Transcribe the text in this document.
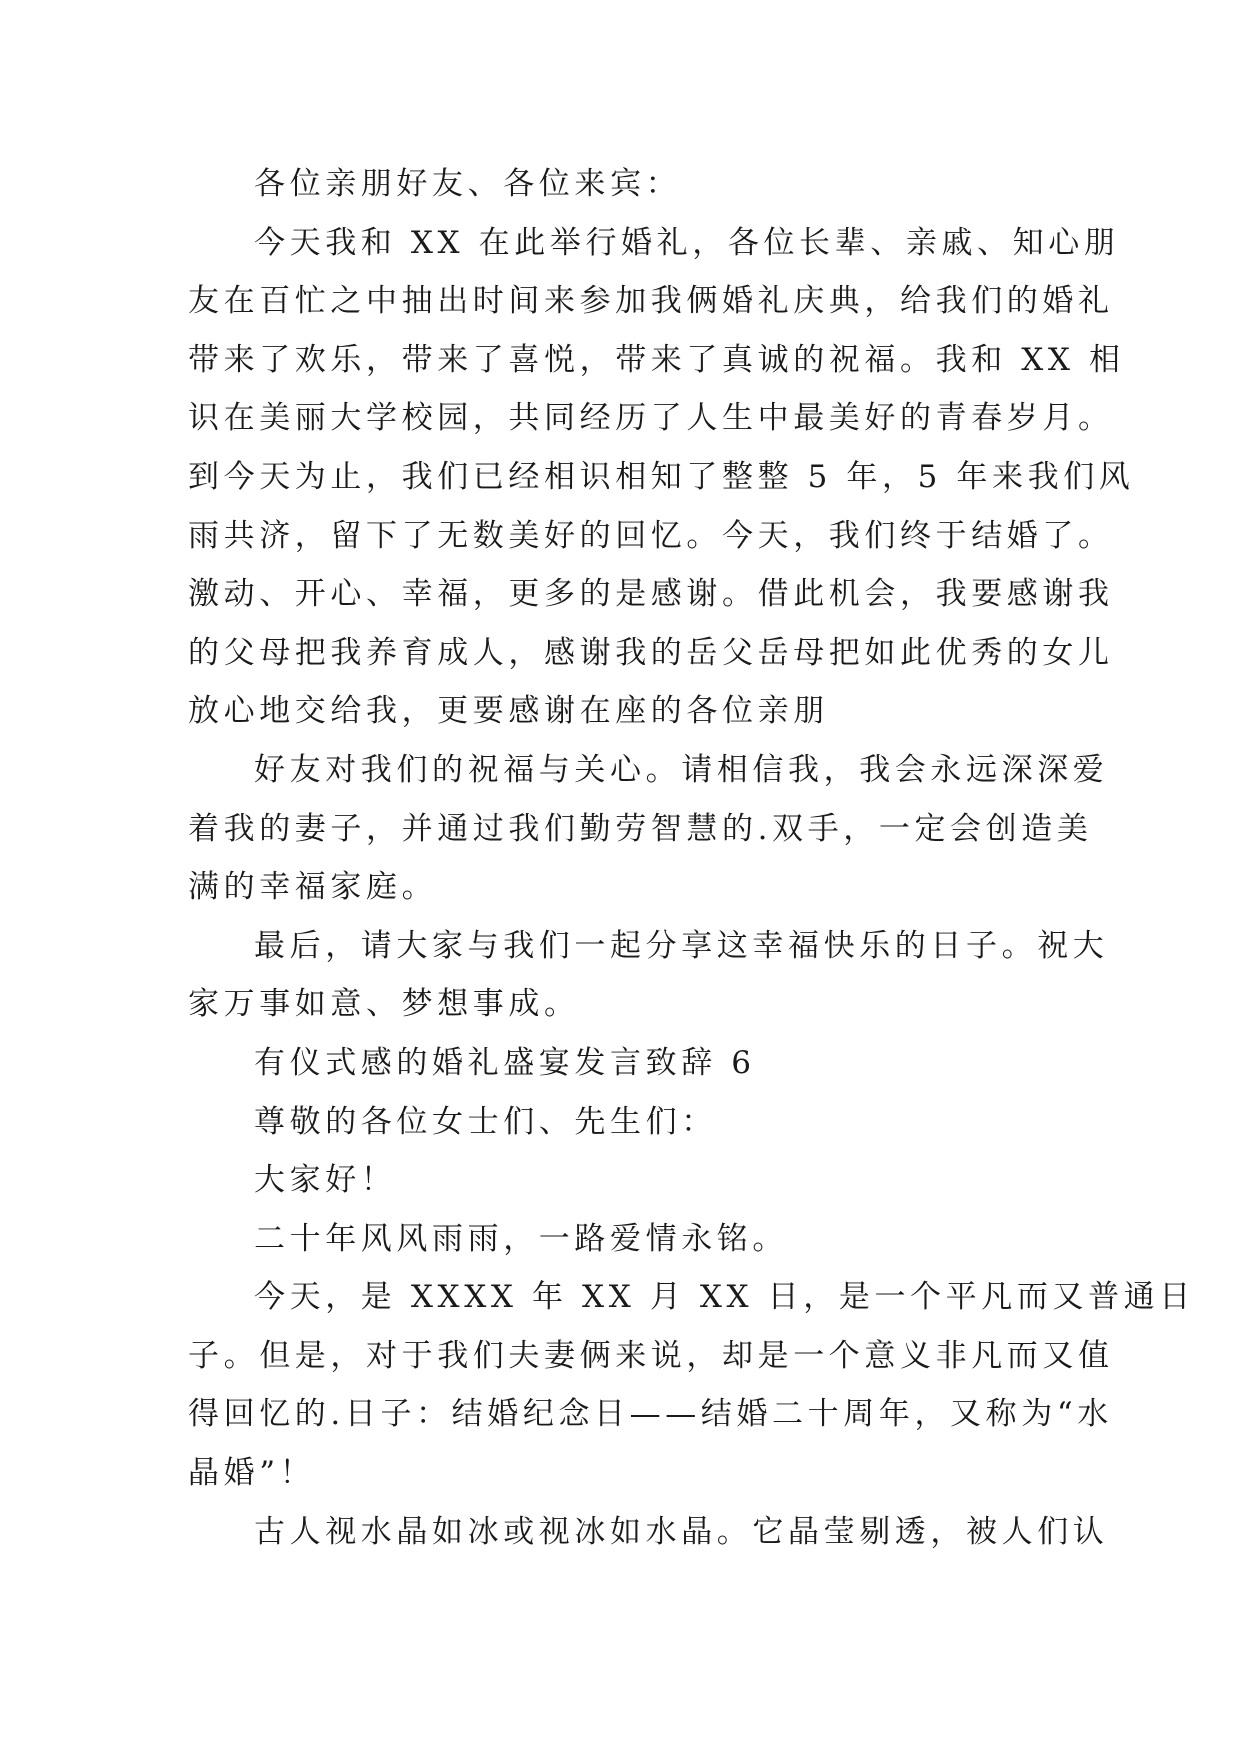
各位亲朋好友、各位来宾：
今天我和 XX 在此举行婚礼，各位长辈、亲戚、知心朋
友在百忙之中抽出时间来参加我俩婚礼庆典，给我们的婚礼
带来了欢乐，带来了喜悦，带来了真诚的祝福。我和 XX 相
识在美丽大学校园，共同经历了人生中最美好的青春岁月。
到今天为止，我们已经相识相知了整整 5 年，5 年来我们风
雨共济，留下了无数美好的回忆。今天，我们终于结婚了。
激动、开心、幸福，更多的是感谢。借此机会，我要感谢我
的父母把我养育成人，感谢我的岳父岳母把如此优秀的女儿
放心地交给我，更要感谢在座的各位亲朋
好友对我们的祝福与关心。请相信我，我会永远深深爱
着我的妻子，并通过我们勤劳智慧的.双手，一定会创造美
满的幸福家庭。
最后，请大家与我们一起分享这幸福快乐的日子。祝大
家万事如意、梦想事成。
有仪式感的婚礼盛宴发言致辞 6
尊敬的各位女士们、先生们：
大家好！
二十年风风雨雨，一路爱情永铭。
今天，是 XXXX 年 XX 月 XX 日，是一个平凡而又普通日
子。但是，对于我们夫妻俩来说，却是一个意义非凡而又值
得回忆的.日子：结婚纪念日——结婚二十周年，又称为“水
晶婚”！
古人视水晶如冰或视冰如水晶。它晶莹剔透，被人们认
